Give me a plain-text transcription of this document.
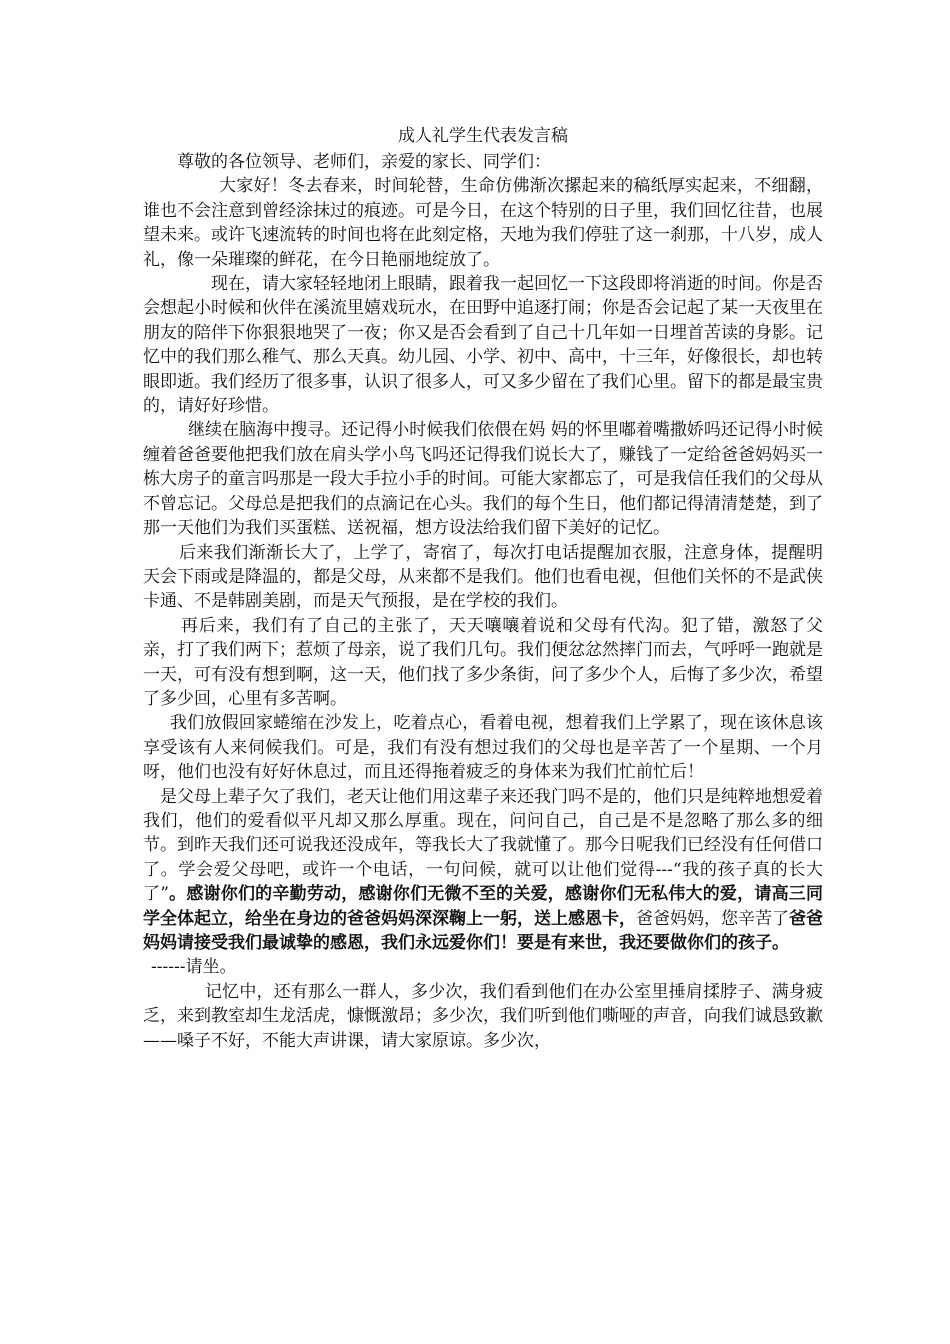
成人礼学生代表发言稿

尊敬的各位领导、老师们，亲爱的家长、同学们：

大家好！冬去春来，时间轮替，生命仿佛渐次摞起来的稿纸厚实起来，不细翻，谁也不会注意到曾经涂抹过的痕迹。可是今日，在这个特别的日子里，我们回忆往昔，也展望未来。或许飞速流转的时间也将在此刻定格，天地为我们停驻了这一刹那，十八岁，成人礼，像一朵璀璨的鲜花，在今日艳丽地绽放了。

现在，请大家轻轻地闭上眼睛，跟着我一起回忆一下这段即将消逝的时间。你是否会想起小时候和伙伴在溪流里嬉戏玩水，在田野中追逐打闹；你是否会记起了某一天夜里在朋友的陪伴下你狠狠地哭了一夜；你又是否会看到了自己十几年如一日埋首苦读的身影。记忆中的我们那么稚气、那么天真。幼儿园、小学、初中、高中，十三年，好像很长，却也转眼即逝。我们经历了很多事，认识了很多人，可又多少留在了我们心里。留下的都是最宝贵的，请好好珍惜。

继续在脑海中搜寻。还记得小时候我们依偎在妈 妈的怀里嘟着嘴撒娇吗还记得小时候缠着爸爸要他把我们放在肩头学小鸟飞吗还记得我们说长大了，赚钱了一定给爸爸妈妈买一栋大房子的童言吗那是一段大手拉小手的时间。可能大家都忘了，可是我信任我们的父母从不曾忘记。父母总是把我们的点滴记在心头。我们的每个生日，他们都记得清清楚楚，到了那一天他们为我们买蛋糕、送祝福，想方设法给我们留下美好的记忆。

后来我们渐渐长大了，上学了，寄宿了，每次打电话提醒加衣服，注意身体，提醒明天会下雨或是降温的，都是父母，从来都不是我们。他们也看电视，但他们关怀的不是武侠卡通、不是韩剧美剧，而是天气预报，是在学校的我们。

再后来，我们有了自己的主张了，天天嚷嚷着说和父母有代沟。犯了错，激怒了父亲，打了我们两下；惹烦了母亲，说了我们几句。我们便忿忿然摔门而去，气呼呼一跑就是一天，可有没有想到啊，这一天，他们找了多少条街，问了多少个人，后悔了多少次，希望了多少回，心里有多苦啊。

我们放假回家蜷缩在沙发上，吃着点心，看着电视，想着我们上学累了，现在该休息该享受该有人来伺候我们。可是，我们有没有想过我们的父母也是辛苦了一个星期、一个月呀，他们也没有好好休息过，而且还得拖着疲乏的身体来为我们忙前忙后！

是父母上辈子欠了我们，老天让他们用这辈子来还我门吗不是的，他们只是纯粹地想爱着我们，他们的爱看似平凡却又那么厚重。现在，问问自己，自己是不是忽略了那么多的细节。到昨天我们还可说我还没成年，等我长大了我就懂了。那今日呢我们已经没有任何借口了。学会爱父母吧，或许一个电话，一句问候，就可以让他们觉得---“我的孩子真的长大了”。感谢你们的辛勤劳动，感谢你们无微不至的关爱，感谢你们无私伟大的爱，请高三同学全体起立，给坐在身边的爸爸妈妈深深鞠上一躬，送上感恩卡，爸爸妈妈，您辛苦了爸爸妈妈请接受我们最诚挚的感恩，我们永远爱你们！要是有来世，我还要做你们的孩子。

------请坐。

记忆中，还有那么一群人，多少次，我们看到他们在办公室里捶肩揉脖子、满身疲乏，来到教室却生龙活虎，慷慨激昂；多少次，我们听到他们嘶哑的声音，向我们诚恳致歉——嗓子不好，不能大声讲课，请大家原谅。多少次，
